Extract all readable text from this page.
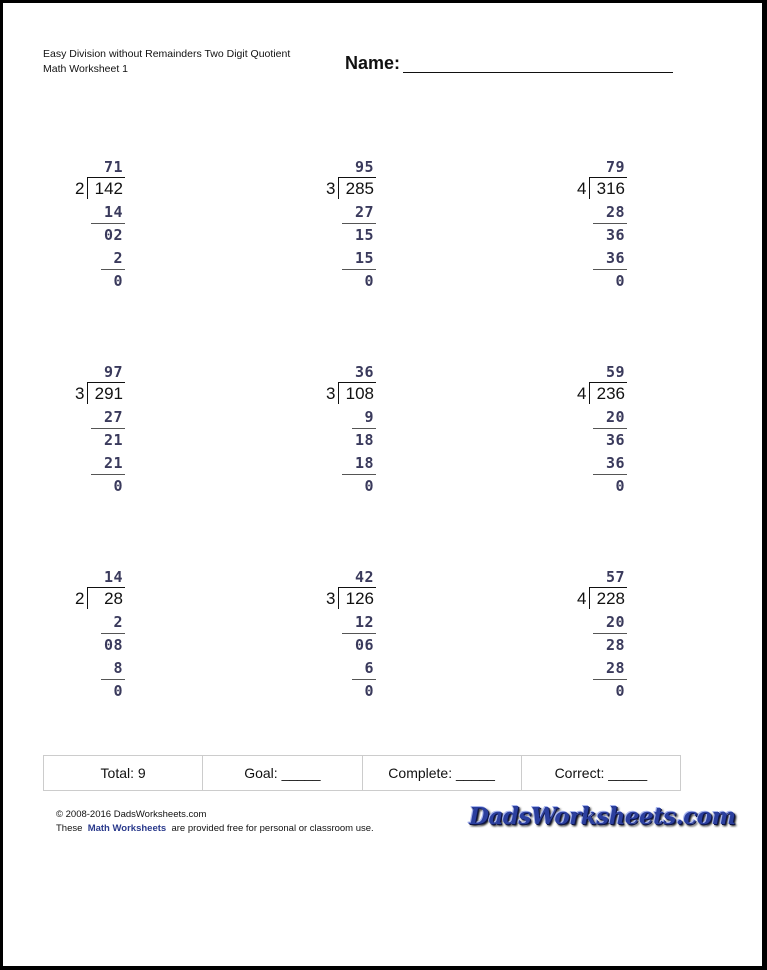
Easy Division without Remainders Two Digit Quotient
Math Worksheet 1	Name:
71
2 142
14
02
2
0
95
3 285
27
15
15
0
79
4 316
28
36
36
0
97
3 291
27
21
21
0
36
3 108
9
18
18
0
59
4 236
20
36
36
0
14
2	28
2
08
8
0
42
3 126
12
06
6
0
57
4 228
20
28
28
0
Total: 9	Goal: _____	Complete: _____	Correct: _____
© 2008-2016 DadsWorksheets.com
These Math Worksheets are provided free for personal or classroom use.	DadsWorksheets.com
